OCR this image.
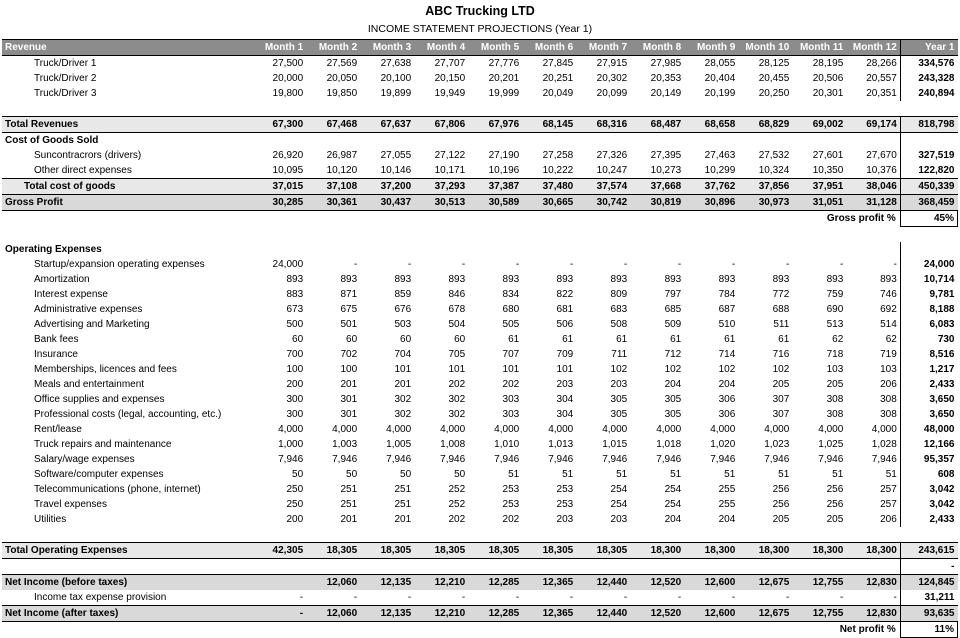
ABC Trucking LTD
INCOME STATEMENT PROJECTIONS (Year 1)
Revenue	Month 1	Month 2	Month 3	Month 4	Month 5	Month 6	Month 7	Month 8	Month 9	Month 10	Month 11	Month 12	Year 1
Truck/Driver 1	27,500	27,569	27,638	27,707	27,776	27,845	27,915	27,985	28,055	28,125	28,195	28,266	334,576
Truck/Driver 2	20,000	20,050	20,100	20,150	20,201	20,251	20,302	20,353	20,404	20,455	20,506	20,557	243,328
Truck/Driver 3	19,800	19,850	19,899	19,949	19,999	20,049	20,099	20,149	20,199	20,250	20,301	20,351	240,894

Total Revenues	67,300	67,468	67,637	67,806	67,976	68,145	68,316	68,487	68,658	68,829	69,002	69,174	818,798
Cost of Goods Sold													
Suncontracrors (drivers)	26,920	26,987	27,055	27,122	27,190	27,258	27,326	27,395	27,463	27,532	27,601	27,670	327,519
Other direct expenses	10,095	10,120	10,146	10,171	10,196	10,222	10,247	10,273	10,299	10,324	10,350	10,376	122,820
Total cost of goods	37,015	37,108	37,200	37,293	37,387	37,480	37,574	37,668	37,762	37,856	37,951	38,046	450,339
Gross Profit	30,285	30,361	30,437	30,513	30,589	30,665	30,742	30,819	30,896	30,973	31,051	31,128	368,459
											Gross profit %		45%

Operating Expenses													
Startup/expansion operating expenses	24,000	-	-	-	-	-	-	-	-	-	-	-	24,000
Amortization	893	893	893	893	893	893	893	893	893	893	893	893	10,714
Interest expense	883	871	859	846	834	822	809	797	784	772	759	746	9,781
Administrative expenses	673	675	676	678	680	681	683	685	687	688	690	692	8,188
Advertising and Marketing	500	501	503	504	505	506	508	509	510	511	513	514	6,083
Bank fees	60	60	60	60	61	61	61	61	61	61	62	62	730
Insurance	700	702	704	705	707	709	711	712	714	716	718	719	8,516
Memberships, licences and fees	100	100	101	101	101	101	102	102	102	102	103	103	1,217
Meals and entertainment	200	201	201	202	202	203	203	204	204	205	205	206	2,433
Office supplies and expenses	300	301	302	302	303	304	305	305	306	307	308	308	3,650
Professional costs (legal, accounting, etc.)	300	301	302	302	303	304	305	305	306	307	308	308	3,650
Rent/lease	4,000	4,000	4,000	4,000	4,000	4,000	4,000	4,000	4,000	4,000	4,000	4,000	48,000
Truck repairs and maintenance	1,000	1,003	1,005	1,008	1,010	1,013	1,015	1,018	1,020	1,023	1,025	1,028	12,166
Salary/wage expenses	7,946	7,946	7,946	7,946	7,946	7,946	7,946	7,946	7,946	7,946	7,946	7,946	95,357
Software/computer expenses	50	50	50	50	51	51	51	51	51	51	51	51	608
Telecommunications (phone, internet)	250	251	251	252	253	253	254	254	255	256	256	257	3,042
Travel expenses	250	251	251	252	253	253	254	254	255	256	256	257	3,042
Utilities	200	201	201	202	202	203	203	204	204	205	205	206	2,433

Total Operating Expenses	42,305	18,305	18,305	18,305	18,305	18,305	18,305	18,300	18,300	18,300	18,300	18,300	243,615
													-
Net Income (before taxes)		12,060	12,135	12,210	12,285	12,365	12,440	12,520	12,600	12,675	12,755	12,830	124,845
Income tax expense provision	-	-	-	-	-	-	-	-	-	-	-	-	31,211
Net Income (after taxes)	-	12,060	12,135	12,210	12,285	12,365	12,440	12,520	12,600	12,675	12,755	12,830	93,635
											Net profit %		11%
